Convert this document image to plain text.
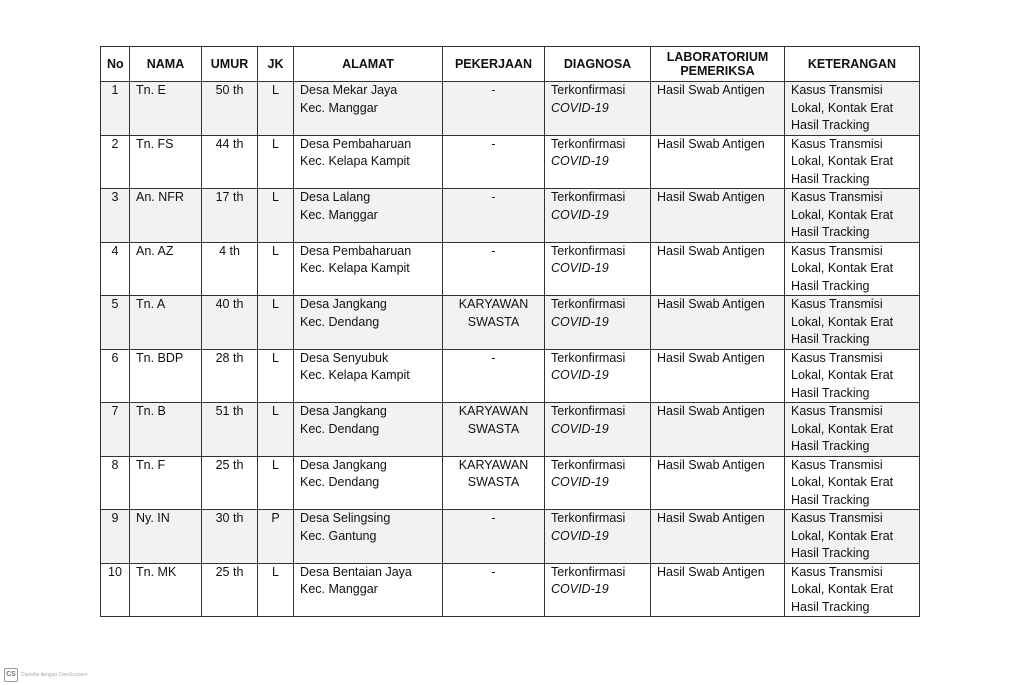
No	NAMA	UMUR	JK	ALAMAT	PEKERJAAN	DIAGNOSA	LABORATORIUM PEMERIKSA	KETERANGAN
1	Tn. E	50 th	L	Desa Mekar Jaya
Kec. Manggar	-	Terkonfirmasi
COVID-19	Hasil Swab Antigen	Kasus Transmisi
Lokal, Kontak Erat
Hasil Tracking

2	Tn. FS	44 th	L	Desa Pembaharuan
Kec. Kelapa Kampit	-	Terkonfirmasi
COVID-19	Hasil Swab Antigen	Kasus Transmisi
Lokal, Kontak Erat
Hasil Tracking

3	An. NFR	17 th	L	Desa Lalang
Kec. Manggar	-	Terkonfirmasi
COVID-19	Hasil Swab Antigen	Kasus Transmisi
Lokal, Kontak Erat
Hasil Tracking

4	An. AZ	4 th	L	Desa Pembaharuan
Kec. Kelapa Kampit	-	Terkonfirmasi
COVID-19	Hasil Swab Antigen	Kasus Transmisi
Lokal, Kontak Erat
Hasil Tracking

5	Tn. A	40 th	L	Desa Jangkang
Kec. Dendang	KARYAWAN
SWASTA	Terkonfirmasi
COVID-19	Hasil Swab Antigen	Kasus Transmisi
Lokal, Kontak Erat
Hasil Tracking

6	Tn. BDP	28 th	L	Desa Senyubuk
Kec. Kelapa Kampit	-	Terkonfirmasi
COVID-19	Hasil Swab Antigen	Kasus Transmisi
Lokal, Kontak Erat
Hasil Tracking

7	Tn. B	51 th	L	Desa Jangkang
Kec. Dendang	KARYAWAN
SWASTA	Terkonfirmasi
COVID-19	Hasil Swab Antigen	Kasus Transmisi
Lokal, Kontak Erat
Hasil Tracking

8	Tn. F	25 th	L	Desa Jangkang
Kec. Dendang	KARYAWAN
SWASTA	Terkonfirmasi
COVID-19	Hasil Swab Antigen	Kasus Transmisi
Lokal, Kontak Erat
Hasil Tracking

9	Ny. IN	30 th	P	Desa Selingsing
Kec. Gantung	-	Terkonfirmasi
COVID-19	Hasil Swab Antigen	Kasus Transmisi
Lokal, Kontak Erat
Hasil Tracking

10	Tn. MK	25 th	L	Desa Bentaian Jaya
Kec. Manggar	-	Terkonfirmasi
COVID-19	Hasil Swab Antigen	Kasus Transmisi
Lokal, Kontak Erat
Hasil Tracking
CS	Dipindai dengan CamScanner
